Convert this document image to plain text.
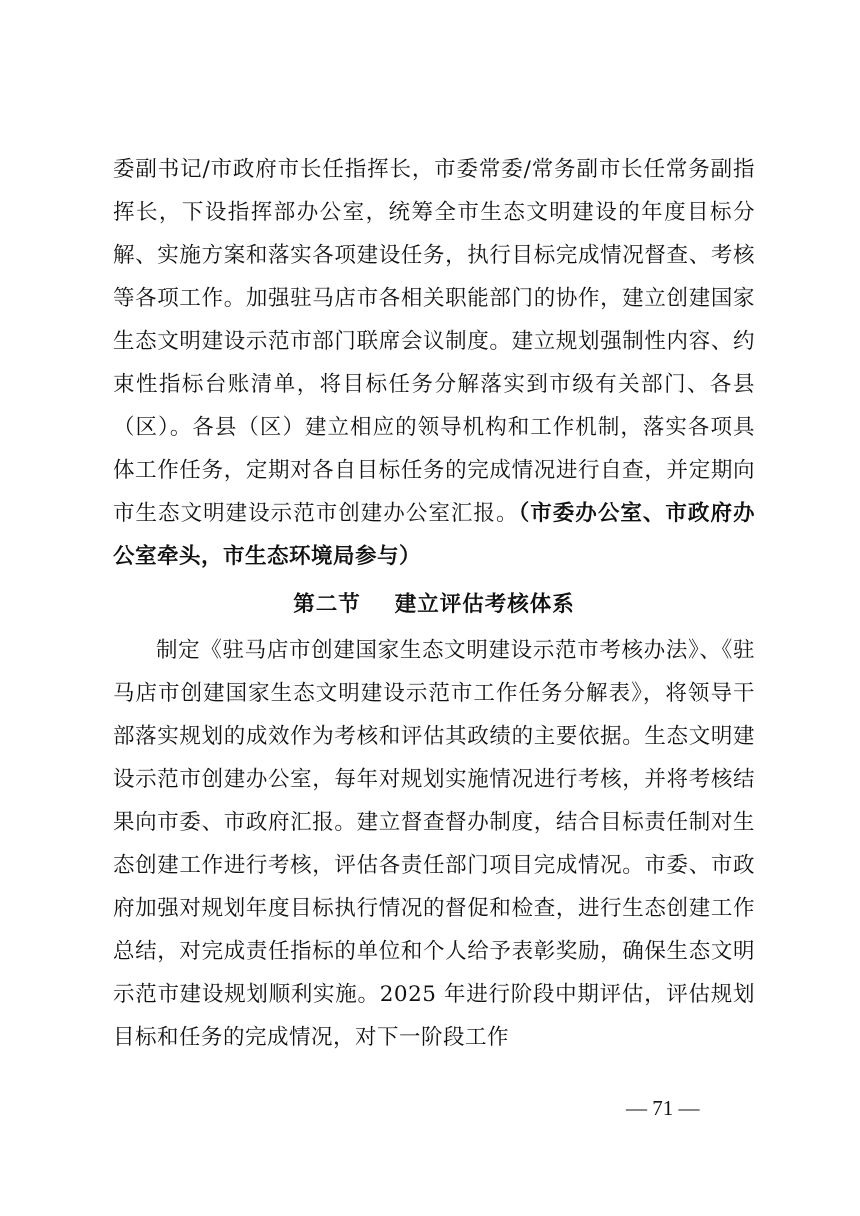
委副书记/市政府市长任指挥长，市委常委/常务副市长任常务副指挥长，下设指挥部办公室，统筹全市生态文明建设的年度目标分解、实施方案和落实各项建设任务，执行目标完成情况督查、考核等各项工作。加强驻马店市各相关职能部门的协作，建立创建国家生态文明建设示范市部门联席会议制度。建立规划强制性内容、约束性指标台账清单，将目标任务分解落实到市级有关部门、各县（区）。各县（区）建立相应的领导机构和工作机制，落实各项具体工作任务，定期对各自目标任务的完成情况进行自查，并定期向市生态文明建设示范市创建办公室汇报。（市委办公室、市政府办公室牵头，市生态环境局参与）

第二节    建立评估考核体系

制定《驻马店市创建国家生态文明建设示范市考核办法》、《驻马店市创建国家生态文明建设示范市工作任务分解表》，将领导干部落实规划的成效作为考核和评估其政绩的主要依据。生态文明建设示范市创建办公室，每年对规划实施情况进行考核，并将考核结果向市委、市政府汇报。建立督查督办制度，结合目标责任制对生态创建工作进行考核，评估各责任部门项目完成情况。市委、市政府加强对规划年度目标执行情况的督促和检查，进行生态创建工作总结，对完成责任指标的单位和个人给予表彰奖励，确保生态文明示范市建设规划顺利实施。2025 年进行阶段中期评估，评估规划目标和任务的完成情况，对下一阶段工作

— 71 —
